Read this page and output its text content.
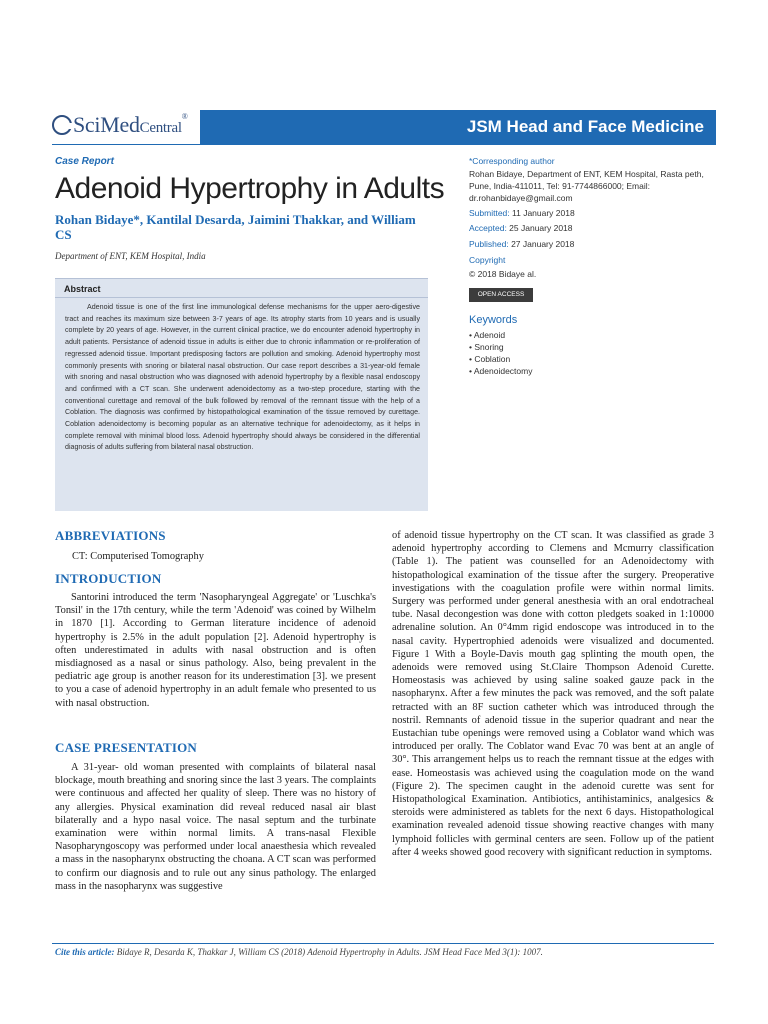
SciMedCentral®
JSM Head and Face Medicine
Case Report
Adenoid Hypertrophy in Adults
Rohan Bidaye*, Kantilal Desarda, Jaimini Thakkar, and William CS
Department of ENT, KEM Hospital, India
Abstract

Adenoid tissue is one of the first line immunological defense mechanisms for the upper aero-digestive tract and reaches its maximum size between 3-7 years of age. Its atrophy starts from 10 years and is usually complete by 20 years of age. However, in the current clinical practice, we do encounter adenoid hypertrophy in adult patients. Persistance of adenoid tissue in adults is either due to chronic inflammation or re-proliferation of regressed adenoid tissue. Important predisposing factors are pollution and smoking. Adenoid hypertrophy most commonly presents with snoring or bilateral nasal obstruction. Our case report describes a 31-year-old female with snoring and nasal obstruction who was diagnosed with adenoid hypertrophy by a flexible nasal endoscopy and confirmed with a CT scan. She underwent adenoidectomy as a two-step procedure, starting with the conventional curettage and removal of the bulk followed by removal of the remnant tissue with the help of a Coblation. The diagnosis was confirmed by histopathological examination of the tissue removed by curettage. Coblation adenoidectomy is becoming popular as an alternative technique for adenoidectomy, as it helps in complete removal with minimal blood loss. Adenoid hypertrophy should always be considered in the differential diagnosis of adults suffering from bilateral nasal obstruction.

*Corresponding author
Rohan Bidaye, Department of ENT, KEM Hospital, Rasta peth, Pune, India-411011, Tel: 91-7744866000; Email: dr.rohanbidaye@gmail.com
Submitted: 11 January 2018
Accepted: 25 January 2018
Published: 27 January 2018
Copyright
© 2018 Bidaye al.
OPEN ACCESS
Keywords
• Adenoid
• Snoring
• Coblation
• Adenoidectomy
ABBREVIATIONS

CT: Computerised Tomography

INTRODUCTION

Santorini introduced the term 'Nasopharyngeal Aggregate' or 'Luschka's Tonsil' in the 17th century, while the term 'Adenoid' was coined by Wilhelm in 1870 [1]. According to German literature incidence of adenoid hypertrophy is 2.5% in the adult population [2]. Adenoid hypertrophy is often underestimated in adults with nasal obstruction and is often misdiagnosed as a nasal or sinus pathology. Also, being prevalent in the pediatric age group is another reason for its underestimation [3]. we present to you a case of adenoid hypertrophy in an adult female who presented to us with nasal obstruction.

CASE PRESENTATION

A 31-year- old woman presented with complaints of bilateral nasal blockage, mouth breathing and snoring since the last 3 years. The complaints were continuous and affected her quality of sleep. There was no history of any allergies. Physical examination did reveal reduced nasal air blast bilaterally and a hypo nasal voice. The nasal septum and the turbinate examination were within normal limits. A trans-nasal Flexible Nasopharyngoscopy was performed under local anaesthesia which revealed a mass in the nasopharynx obstructing the choana. A CT scan was performed to confirm our diagnosis and to rule out any sinus pathology. The enlarged mass in the nasopharynx was suggestive

of adenoid tissue hypertrophy on the CT scan. It was classified as grade 3 adenoid hypertrophy according to Clemens and Mcmurry classification (Table 1). The patient was counselled for an Adenoidectomy with histopathological examination of the tissue after the surgery. Preoperative investigations with the coagulation profile were within normal limits. Surgery was performed under general anesthesia with an oral endotracheal tube. Nasal decongestion was done with cotton pledgets soaked in 1:10000 adrenaline solution. An 0°4mm rigid endoscope was introduced in to the nasal cavity. Hypertrophied adenoids were visualized and documented. Figure 1 With a Boyle-Davis mouth gag splinting the mouth open, the adenoids were removed using St.Claire Thompson Adenoid Curette. Homeostasis was achieved by using saline soaked gauze pack in the nasopharynx. After a few minutes the pack was removed, and the soft palate retracted with an 8F suction catheter which was introduced through the nostril. Remnants of adenoid tissue in the superior quadrant and near the Eustachian tube openings were removed using a Coblator wand which was introduced per orally. The Coblator wand Evac 70 was bent at an angle of 30°. This arrangement helps us to reach the remnant tissue at the edges with ease. Homeostasis was achieved using the coagulation mode on the wand (Figure 2). The specimen caught in the adenoid curette was sent for Histopathological Examination. Antibiotics, antihistaminics, analgesics & steroids were administered as tablets for the next 6 days. Histopathological examination revealed adenoid tissue showing reactive changes with many lymphoid follicles with germinal centers are seen. Follow up of the patient after 4 weeks showed good recovery with significant reduction in symptoms.

Cite this article: Bidaye R, Desarda K, Thakkar J, William CS (2018) Adenoid Hypertrophy in Adults. JSM Head Face Med 3(1): 1007.
